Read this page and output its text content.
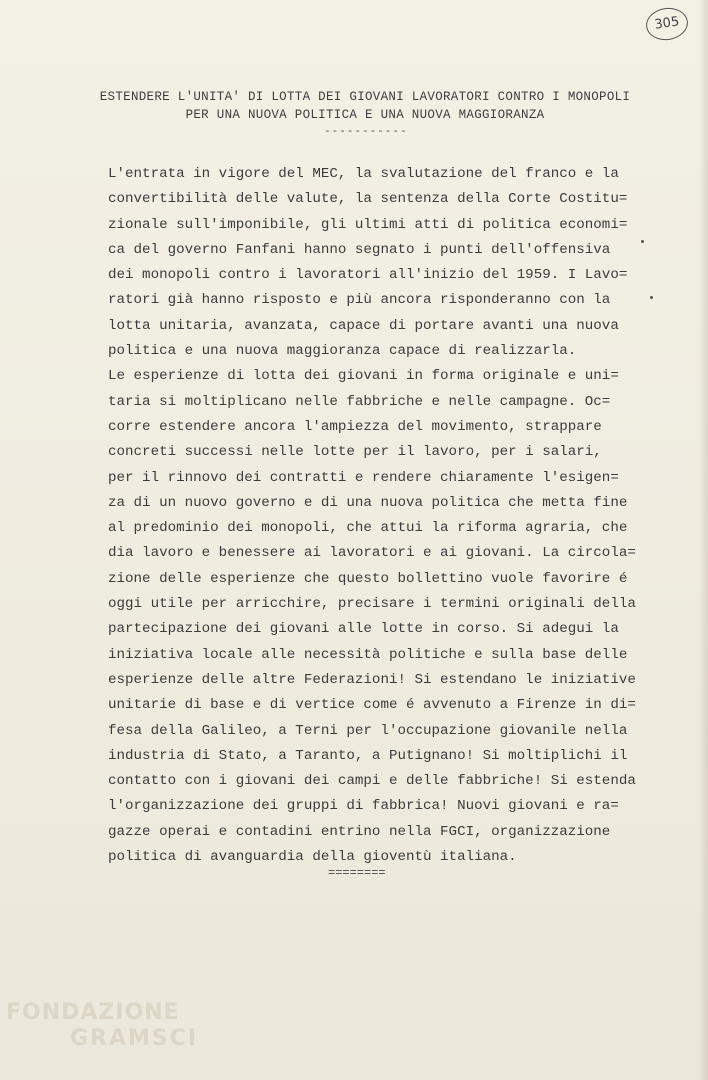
305
ESTENDERE L'UNITA' DI LOTTA DEI GIOVANI LAVORATORI CONTRO I MONOPOLI
PER UNA NUOVA POLITICA E UNA NUOVA MAGGIORANZA
-----------
L'entrata in vigore del MEC, la svalutazione del franco e la
convertibilità delle valute, la sentenza della Corte Costitu=
zionale sull'imponibile, gli ultimi atti di politica economi=
ca del governo Fanfani hanno segnato i punti dell'offensiva
dei monopoli contro i lavoratori all'inizio del 1959. I Lavo=
ratori già hanno risposto e più ancora risponderanno con la
lotta unitaria, avanzata, capace di portare avanti una nuova
politica e una nuova maggioranza capace di realizzarla.
Le esperienze di lotta dei giovani in forma originale e uni=
taria si moltiplicano nelle fabbriche e nelle campagne. Oc=
corre estendere ancora l'ampiezza del movimento, strappare
concreti successi nelle lotte per il lavoro, per i salari,
per il rinnovo dei contratti e rendere chiaramente l'esigen=
za di un nuovo governo e di una nuova politica che metta fine
al predominio dei monopoli, che attui la riforma agraria, che
dia lavoro e benessere ai lavoratori e ai giovani. La circola=
zione delle esperienze che questo bollettino vuole favorire é
oggi utile per arricchire, precisare i termini originali della
partecipazione dei giovani alle lotte in corso. Si adegui la
iniziativa locale alle necessità politiche e sulla base delle
esperienze delle altre Federazioni! Si estendano le iniziative
unitarie di base e di vertice come é avvenuto a Firenze in di=
fesa della Galileo, a Terni per l'occupazione giovanile nella
industria di Stato, a Taranto, a Putignano! Si moltiplichi il
contatto con i giovani dei campi e delle fabbriche! Si estenda
l'organizzazione dei gruppi di fabbrica! Nuovi giovani e ra=
gazze operai e contadini entrino nella FGCI, organizzazione
politica di avanguardia della gioventù italiana.
========
FONDAZIONE
GRAMSCI
